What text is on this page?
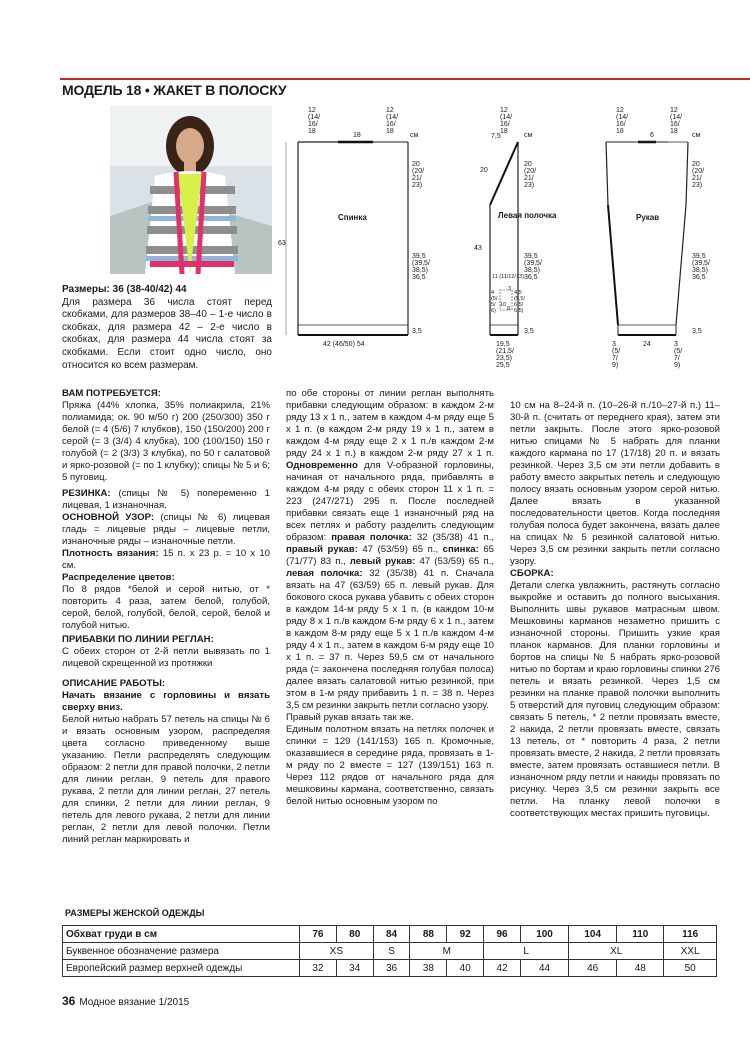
МОДЕЛЬ 18 • ЖАКЕТ В ПОЛОСКУ

Размеры: 36 (38-40/42) 44

Для размера 36 числа стоят перед скобками, для размеров 38–40 – 1-е число в скобках, для размера 42 – 2-е число в скобках, для размера 44 числа стоят за скобками. Если стоит одно число, оно относится ко всем размерам.

Спинка
12
(14/
16/
18
18
12
(14/
16/
18
см
20
(20/
21/
23)
39,5
(39,5/
38,5)
36,5
63
3,5
42 (46/50) 54
Левая полочка
7,5
12
(14/
16/
18
см
20
20
(20/
21/
23)
43
39,5
(39,5/
38,5)
36,5
11 (11/12/13)
3
4
(5/
5/
6)
10
8
4,5
(5,5/
6,5/
6,5)
3,5
19,5
(21,5/
23,5)
25,5
Рукав
12
(14/
16/
18
6
12
(14/
16/
18
см
20
(20/
21/
23)
39,5
(39,5/
38,5)
36,5
3,5
3
(5/
7/
9)
24	3
(5/
7/
9)

ВАМ ПОТРЕБУЕТСЯ:

Пряжа (44% хлопка, 35% полиакрила, 21% полиамида; ок. 90 м/50 г) 200 (250/300) 350 г белой (= 4 (5/6) 7 клубков), 150 (150/200) 200 г серой (= 3 (3/4) 4 клубка), 100 (100/150) 150 г голубой (= 2 (3/3) 3 клубка), по 50 г салатовой и ярко-розовой (= по 1 клубку); спицы № 5 и 6; 5 пуговиц.

РЕЗИНКА: (спицы № 5) попеременно 1 лицевая, 1 изнаночная.

ОСНОВНОЙ УЗОР: (спицы № 6) лицевая гладь = лицевые ряды – лицевые петли, изнаночные ряды – изнаночные петли.

Плотность вязания: 15 п. х 23 р. = 10 х 10 см.

Распределение цветов:

По 8 рядов *белой и серой нитью, от * повторить 4 раза, затем белой, голубой, серой, белой, голубой, белой, серой, белой и голубой нитью.

ПРИБАВКИ ПО ЛИНИИ РЕГЛАН:

С обеих сторон от 2-й петли вывязать по 1 лицевой скрещенной из протяжки

ОПИСАНИЕ РАБОТЫ:

Начать вязание с горловины и вязать сверху вниз.

Белой нитью набрать 57 петель на спицы № 6 и вязать основным узором, распределяя цвета согласно приведенному выше указанию. Петли распределять следующим образом: 2 петли для правой полочки, 2 петли для линии реглан, 9 петель для правого рукава, 2 петли для линии реглан, 27 петель для спинки, 2 петли для линии реглан, 9 петель для левого рукава, 2 петли для линии реглан, 2 петли для левой полочки. Петли линий реглан маркировать и

по обе стороны от линии реглан выполнять прибавки следующим образом: в каждом 2-м ряду 13 х 1 п., затем в каждом 4-м ряду еще 5 х 1 п. (в каждом 2-м ряду 19 х 1 п., затем в каждом 4-м ряду еще 2 х 1 п./в каждом 2-м ряду 24 х 1 п.) в каждом 2-м ряду 27 х 1 п. Одновременно для V-образной горловины, начиная от начального ряда, прибавлять в каждом 4-м ряду с обеих сторон 11 х 1 п. = 223 (247/271) 295 п. После последней прибавки связать еще 1 изнаночный ряд на всех петлях и работу разделить следующим образом: правая полочка: 32 (35/38) 41 п., правый рукав: 47 (53/59) 65 п., спинка: 65 (71/77) 83 п., левый рукав: 47 (53/59) 65 п., левая полочка: 32 (35/38) 41 п. Сначала вязать на 47 (63/59) 65 п. левый рукав. Для бокового скоса рукава убавить с обеих сторон в каждом 14-м ряду 5 х 1 п. (в каждом 10-м ряду 8 х 1 п./в каждом 6-м ряду 6 х 1 п., затем в каждом 8-м ряду еще 5 х 1 п./в каждом 4-м ряду 4 х 1 п., затем в каждом 6-м ряду еще 10 х 1 п. = 37 п. Через 59,5 см от начального ряда (= закончена последняя голубая полоса) далее вязать салатовой нитью резинкой, при этом в 1-м ряду прибавить 1 п. = 38 п. Через 3,5 см резинки закрыть петли согласно узору.

Правый рукав вязать так же.

Единым полотном вязать на петлях полочек и спинки = 129 (141/153) 165 п. Кромочные, оказавшиеся в середине ряда, провязать в 1-м ряду по 2 вместе = 127 (139/151) 163 п. Через 112 рядов от начального ряда для мешковины кармана, соответственно, связать белой нитью основным узором по

10 см на 8–24-й п. (10–26-й п./10–27-й п.) 11–30-й п. (считать от переднего края), затем эти петли закрыть. После этого ярко-розовой нитью спицами № 5 набрать для планки каждого кармана по 17 (17/18) 20 п. и вязать резинкой. Через 3,5 см эти петли добавить в работу вместо закрытых петель и следующую полосу вязать основным узором серой нитью. Далее вязать в указанной последовательности цветов. Когда последняя голубая полоса будет закончена, вязать далее на спицах № 5 резинкой салатовой нитью. Через 3,5 см резинки закрыть петли согласно узору.

СБОРКА:

Детали слегка увлажнить, растянуть согласно выкройке и оставить до полного высыхания. Выполнить швы рукавов матрасным швом. Мешковины карманов незаметно пришить с изнаночной стороны. Пришить узкие края планок карманов. Для планки горловины и бортов на спицы № 5 набрать ярко-розовой нитью по бортам и краю горловины спинки 276 петель и вязать резинкой. Через 1,5 см резинки на планке правой полочки выполнить 5 отверстий для пуговиц следующим образом: связать 5 петель, * 2 петли провязать вместе, 2 накида, 2 петли провязать вместе, связать 13 петель, от * повторить 4 раза, 2 петли провязать вместе, 2 накида, 2 петли провязать вместе, затем провязать оставшиеся петли. В изнаночном ряду петли и накиды провязать по рисунку. Через 3,5 см резинки закрыть все петли. На планку левой полочки в соответствующих местах пришить пуговицы.

РАЗМЕРЫ ЖЕНСКОЙ ОДЕЖДЫ
Обхват груди в см	76	80	84	88	92	96	100	104	110	116
Буквенное обозначение размера	XS		S	M		L		XL		XXL
Европейский размер верхней одежды	32	34	36	38	40	42	44	46	48	50
36 Модное вязание 1/2015
